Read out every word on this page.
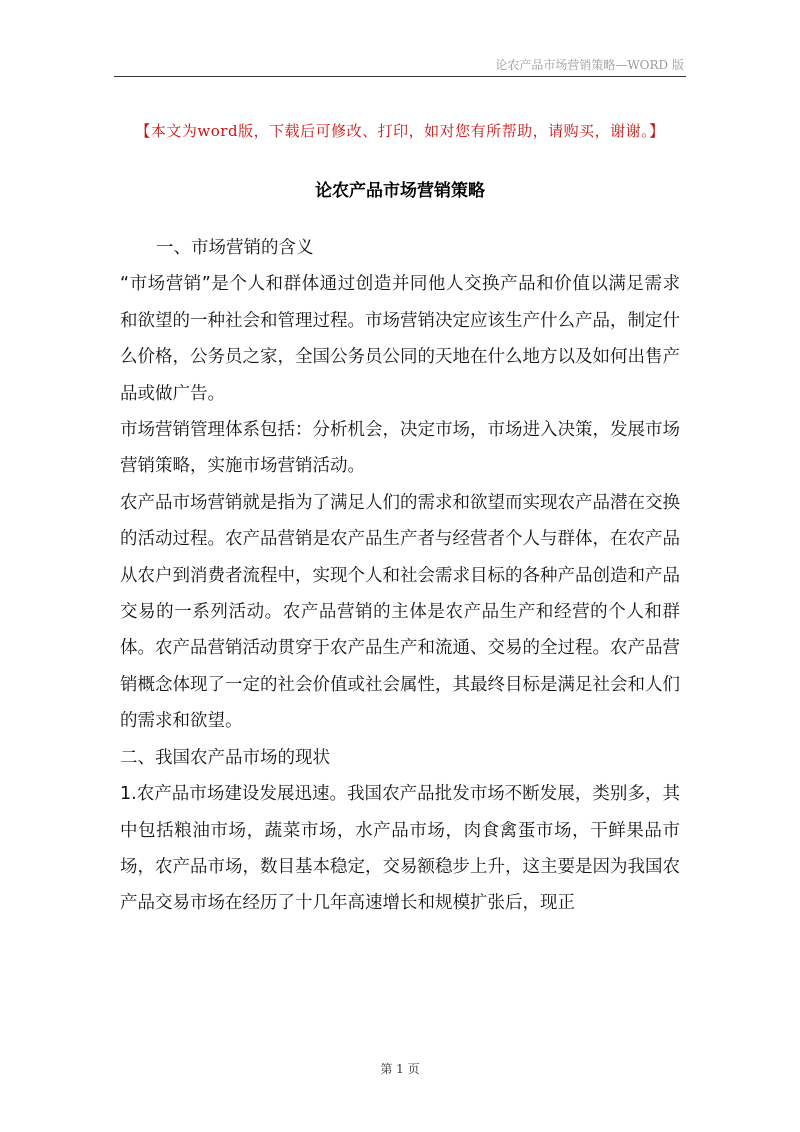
论农产品市场营销策略—WORD 版
【本文为word版，下载后可修改、打印，如对您有所帮助，请购买，谢谢。】
论农产品市场营销策略

一、市场营销的含义

“市场营销”是个人和群体通过创造并同他人交换产品和价值以满足需求和欲望的一种社会和管理过程。市场营销决定应该生产什么产品，制定什么价格，公务员之家，全国公务员公同的天地在什么地方以及如何出售产品或做广告。

市场营销管理体系包括：分析机会，决定市场，市场进入决策，发展市场营销策略，实施市场营销活动。

农产品市场营销就是指为了满足人们的需求和欲望而实现农产品潜在交换的活动过程。农产品营销是农产品生产者与经营者个人与群体，在农产品从农户到消费者流程中，实现个人和社会需求目标的各种产品创造和产品交易的一系列活动。农产品营销的主体是农产品生产和经营的个人和群体。农产品营销活动贯穿于农产品生产和流通、交易的全过程。农产品营销概念体现了一定的社会价值或社会属性，其最终目标是满足社会和人们的需求和欲望。

二、我国农产品市场的现状

1.农产品市场建设发展迅速。我国农产品批发市场不断发展，类别多，其中包括粮油市场，蔬菜市场，水产品市场，肉食禽蛋市场，干鲜果品市场，农产品市场，数目基本稳定，交易额稳步上升，这主要是因为我国农产品交易市场在经历了十几年高速增长和规模扩张后，现正

第 1 页
